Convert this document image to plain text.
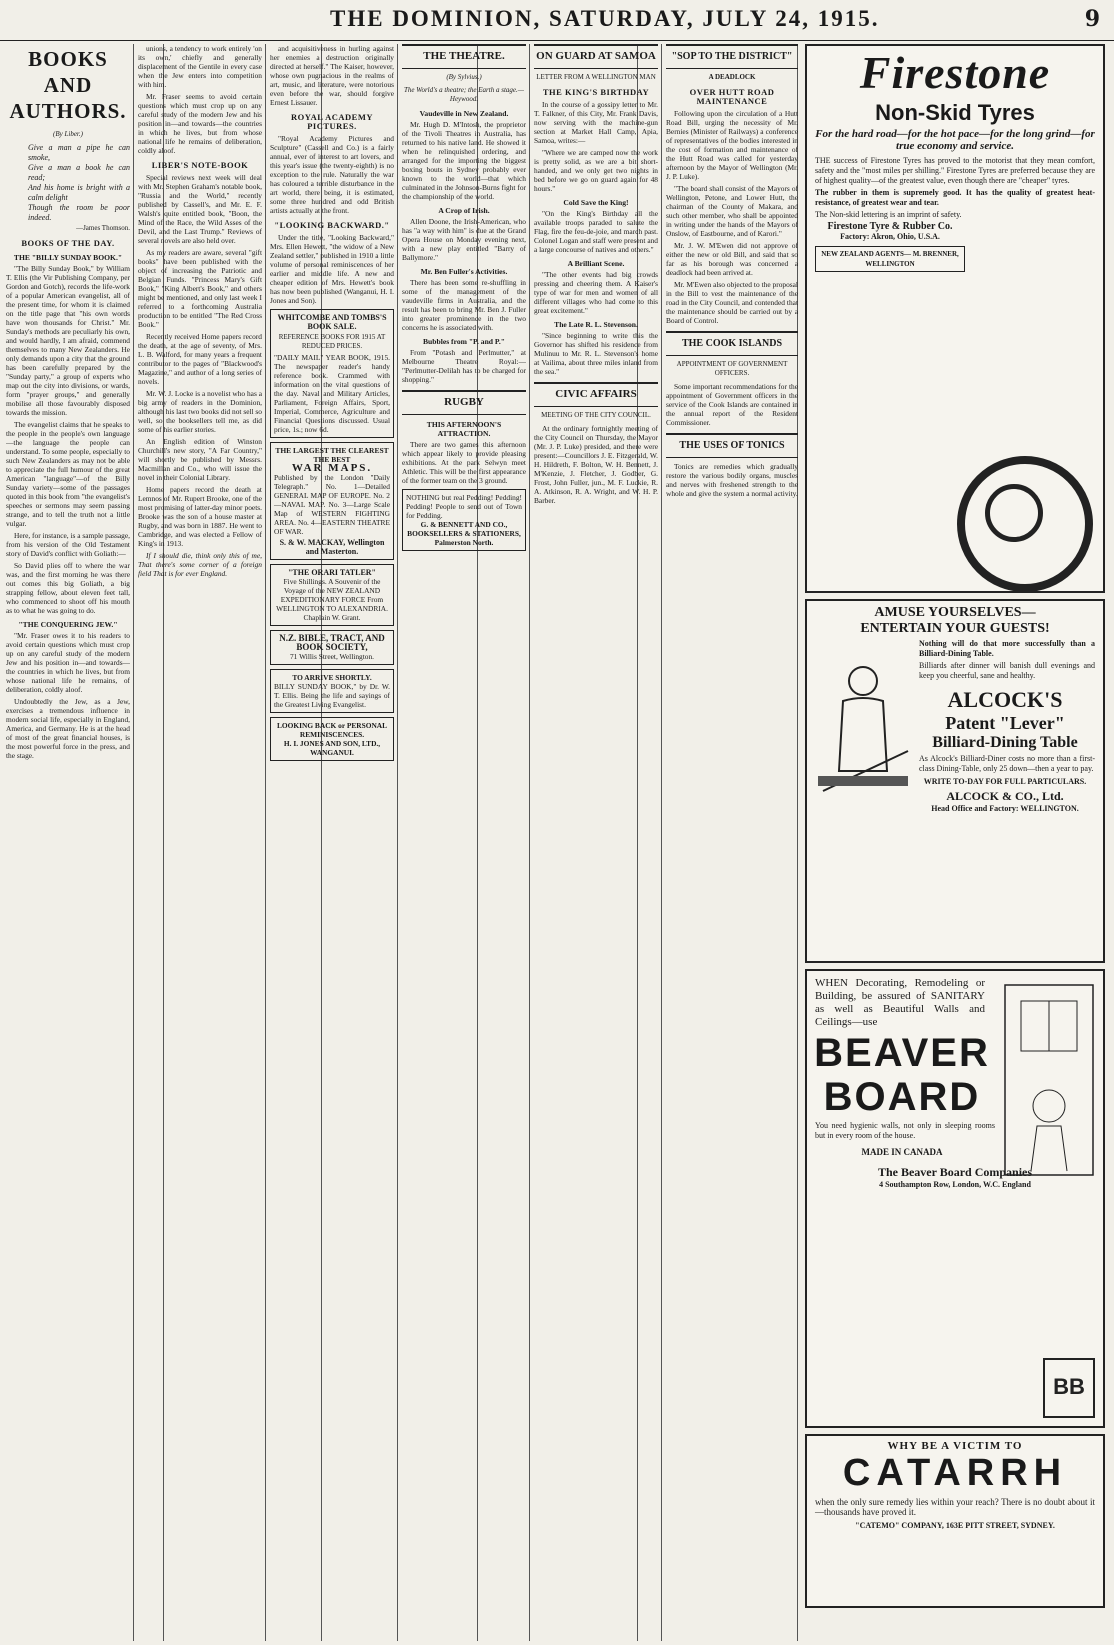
THE DOMINION, SATURDAY, JULY 24, 1915.	9
BOOKS AND AUTHORS.
(By Liber.)
Give a man a pipe he can smoke,
Give a man a book he can read;
And his home is bright with a calm delight
Though the room be poor indeed.
—James Thomson.
BOOKS OF THE DAY.
THE "BILLY SUNDAY BOOK."

"The Billy Sunday Book," by William T. Ellis (the Vir Publishing Company, per Gordon and Gotch), records the life-work of a popular American evangelist, all of the present time, for whom it is claimed on the title page that "his own words have won thousands for Christ." Mr. Sunday's methods are peculiarly his own, and would hardly, I am afraid, commend themselves to many New Zealanders. He only demands upon a city that the ground has been carefully prepared by the "Sunday party," a group of experts who map out the city into divisions, or wards, form "prayer groups," and generally mobilise all those favourably disposed towards the mission.

The evangelist claims that he speaks to the people in the people's own language—the language the people can understand. To some people, especially to such New Zealanders as may not be able to appreciate the full humour of the great American "language"—of the Billy Sunday variety—some of the passages quoted in this book from "the evangelist's speeches or sermons may seem passing strange, and to tell the truth not a little vulgar.

Here, for instance, is a sample passage, from his version of the Old Testament story of David's conflict with Goliath:—

So David plies off to where the war was, and the first morning he was there out comes this big Goliath, a big strapping fellow, about eleven feet tall, who commenced to shoot off his mouth as to what he was going to do.

"THE CONQUERING JEW."

"Mr. Fraser owes it to his readers to avoid certain questions which must crop up on any careful study of the modern Jew and his position in—and towards—the countries in which he lives, but from whose national life he remains, of deliberation, coldly aloof.

Undoubtedly the Jew, as a Jew, exercises a tremendous influence in modern social life, especially in England, America, and Germany. He is at the head of most of the great financial houses, is the most powerful force in the press, and the stage.

unions, a tendency to work entirely 'on its own,' chiefly and generally displacement of the Gentile in every case when the Jew enters into competition with him.

Mr. Fraser seems to avoid certain questions which must crop up on any careful study of the modern Jew and his position in—and towards—the countries in which he lives, but from whose national life he remains of deliberation, coldly aloof.

LIBER'S NOTE-BOOK

Special reviews next week will deal with Mr. Stephen Graham's notable book, "Russia and the World," recently published by Cassell's, and Mr. E. F. Walsh's quite entitled book, "Boon, the Mind of the Race, the Wild Asses of the Devil, and the Last Trump." Reviews of several novels are also held over.

As my readers are aware, several "gift books" have been published with the object of increasing the Patriotic and Belgian Funds. "Princess Mary's Gift Book," "King Albert's Book," and others might be mentioned, and only last week I referred to a forthcoming Australia production to be entitled "The Red Cross Book."

Recently received Home papers record the death, at the age of seventy, of Mrs. L. B. Walford, for many years a frequent contributor to the pages of "Blackwood's Magazine," and author of a long series of novels.

Mr. W. J. Locke is a novelist who has a big army of readers in the Dominion, although his last two books did not sell so well, so the booksellers tell me, as did some of his earlier stories.

An English edition of Winston Churchill's new story, "A Far Country," will shortly be published by Messrs. Macmillan and Co., who will issue the novel in their Colonial Library.

Home papers record the death at Lemnos of Mr. Rupert Brooke, one of the most promising of latter-day minor poets. Brooke was the son of a house master at Rugby, and was born in 1887. He went to Cambridge, and was elected a Fellow of King's in 1913.

If I should die, think only this of me, That there's some corner of a foreign field That is for ever England.

and acquisitiveness in hurling against her enemies a destruction originally directed at herself." The Kaiser, however, whose own pugnacious in the realms of art, music, and literature, were notorious even before the war, should forgive Ernest Lissauer.

ROYAL ACADEMY PICTURES.

"Royal Academy Pictures and Sculpture" (Cassell and Co.) is a fairly annual, ever of interest to art lovers, and this year's issue (the twenty-eighth) is no exception to the rule. Naturally the war has coloured a terrible disturbance in the art world, there being, it is estimated, some three hundred and odd British artists actually at the front.

"LOOKING BACKWARD."

Under the title, "Looking Backward," Mrs. Ellen Hewett, "the widow of a New Zealand settler," published in 1910 a little volume of personal reminiscences of her earlier and middle life. A new and cheaper edition of Mrs. Hewett's book has now been published (Wanganui, H. I. Jones and Son).

WHITCOMBE AND TOMBS'S BOOK SALE.
REFERENCE BOOKS FOR 1915 AT REDUCED PRICES.
"DAILY MAIL" YEAR BOOK, 1915. The newspaper reader's handy reference book. Crammed with information on the vital questions of the day. Naval and Military Articles, Parliament, Foreign Affairs, Sport, Imperial, Commerce, Agriculture and Financial Questions discussed. Usual price, 1s.; now 6d.
THE LARGEST THE CLEAREST THE BEST
WAR MAPS.
Published by the London "Daily Telegraph." No. 1—Detailed GENERAL MAP OF EUROPE. No. 2—NAVAL MAP. No. 3—Large Scale Map of WESTERN FIGHTING AREA. No. 4—EASTERN THEATRE OF WAR.
S. & W. MACKAY, Wellington and Masterton.
"THE ORARI TATLER"
Five Shillings. A Souvenir of the Voyage of the NEW ZEALAND EXPEDITIONARY FORCE From WELLINGTON TO ALEXANDRIA. Chaplain W. Grant.
N.Z. BIBLE, TRACT, AND BOOK SOCIETY,
71 Willis Street, Wellington.
TO ARRIVE SHORTLY.
BILLY SUNDAY BOOK," by Dr. W. T. Ellis. Being the life and sayings of the Greatest Living Evangelist.
LOOKING BACK or PERSONAL REMINISCENCES.
H. I. JONES AND SON, LTD., WANGANUI.
THE THEATRE.
(By Sylvius.)
The World's a theatre; the Earth a stage.—Heywood.
Vaudeville in New Zealand.

Mr. Hugh D. M'Intosh, the proprietor of the Tivoli Theatres in Australia, has returned to his native land. He showed it when he relinquished ordering, and arranged for the importing the biggest boxing bouts in Sydney probably ever known to the world—that which culminated in the Johnson-Burns fight for the championship of the world.

A Crop of Irish.

Allen Doone, the Irish-American, who has "a way with him" is due at the Grand Opera House on Monday evening next, with a new play entitled "Barry of Ballymore."

Mr. Ben Fuller's Activities.

There has been some re-shuffling in some of the management of the vaudeville firms in Australia, and the result has been to bring Mr. Ben J. Fuller into greater prominence in the two concerns he is associated with.

Bubbles from "P. and P."

From "Potash and Perlmutter," at Melbourne Theatre Royal:— "Perlmutter-Delilah has to be charged for shopping."

RUGBY
THIS AFTERNOON'S ATTRACTION.

There are two games this afternoon which appear likely to provide pleasing exhibitions. At the park Selwyn meet Athletic. This will be the first appearance of the former team on the 3 ground.

NOTHING but real Pedding! Pedding! Pedding! People to send out of Town for Pedding.
G. & BENNETT AND CO., BOOKSELLERS & STATIONERS, Palmerston North.
ON GUARD AT SAMOA
LETTER FROM A WELLINGTON MAN
THE KING'S BIRTHDAY

In the course of a gossipy letter to Mr. T. Falkner, of this City, Mr. Frank Davis, now serving with the machine-gun section at Market Hall Camp, Apia, Samoa, writes:—

"Where we are camped now the work is pretty solid, as we are a bit short-handed, and we only get two nights in bed before we go on guard again for 48 hours."

Cold Save the King!

"On the King's Birthday all the available troops paraded to salute the Flag, fire the feu-de-joie, and march past. Colonel Logan and staff were present and a large concourse of natives and others."

A Brilliant Scene.

"The other events had big crowds pressing and cheering them. A Kaiser's type of war for men and women of all different villages who had come to this great excitement."

The Late R. L. Stevenson.

"Since beginning to write this the Governor has shifted his residence from Mulinuu to Mr. R. L. Stevenson's home at Vailima, about three miles inland from the sea."

CIVIC AFFAIRS
MEETING OF THE CITY COUNCIL.

At the ordinary fortnightly meeting of the City Council on Thursday, the Mayor (Mr. J. P. Luke) presided, and there were present:—Councillors J. E. Fitzgerald, W. H. Hildreth, F. Bolton, W. H. Bennett, J. M'Kenzie, J. Fletcher, J. Godber, G. Frost, John Fuller, jun., M. F. Luckie, R. A. Atkinson, R. A. Wright, and W. H. P. Barber.

Firestone
Non-Skid Tyres
For the hard road—for the hot pace—for the long grind—for true economy and service.
THE success of Firestone Tyres has proved to the motorist that they mean comfort, safety and the "most miles per shilling." Firestone Tyres are preferred because they are of highest quality—of the greatest value, even though there are "cheaper" tyres.
The rubber in them is supremely good. It has the quality of greatest heat-resistance, of greatest wear and tear.
The Non-skid lettering is an imprint of safety.
Firestone Tyre & Rubber Co.
Factory: Akron, Ohio, U.S.A.
NEW ZEALAND AGENTS— M. BRENNER, WELLINGTON
AMUSE YOURSELVES—
ENTERTAIN YOUR GUESTS!
Nothing will do that more successfully than a Billiard-Dining Table.
Billiards after dinner will banish dull evenings and keep you cheerful, sane and healthy.
ALCOCK'S
Patent "Lever"
Billiard-Dining Table
As Alcock's Billiard-Diner costs no more than a first-class Dining-Table, only 25 down—then a year to pay.
WRITE TO-DAY FOR FULL PARTICULARS.
ALCOCK & CO., Ltd.
Head Office and Factory: WELLINGTON.
WHEN Decorating, Remodeling or Building, be assured of SANITARY as well as Beautiful Walls and Ceilings—use
BEAVER
BOARD
You need hygienic walls, not only in sleeping rooms but in every room of the house.
MADE IN CANADA
The Beaver Board Companies
4 Southampton Row, London, W.C. England
BB
WHY BE A VICTIM TO
CATARRH
when the only sure remedy lies within your reach? There is no doubt about it—thousands have proved it.
"CATEMO" COMPANY, 163E PITT STREET, SYDNEY.
"SOP TO THE DISTRICT"
A DEADLOCK
OVER HUTT ROAD MAINTENANCE

Following upon the circulation of a Hutt Road Bill, urging the necessity of Mr. Bernies (Minister of Railways) a conference of representatives of the bodies interested in the cost of formation and maintenance of the Hutt Road was called for yesterday afternoon by the Mayor of Wellington (Mr. J. P. Luke).

"The board shall consist of the Mayors of Wellington, Petone, and Lower Hutt, the chairman of the County of Makara, and such other member, who shall be appointed in writing under the hands of the Mayors of Onslow, of Eastbourne, and of Karori."

Mr. J. W. M'Ewen did not approve of either the new or old Bill, and said that so far as his borough was concerned a deadlock had been arrived at.

Mr. M'Ewen also objected to the proposal in the Bill to vest the maintenance of the road in the City Council, and contended that the maintenance should be carried out by a Board of Control.

THE COOK ISLANDS
APPOINTMENT OF GOVERNMENT OFFICERS.

Some important recommendations for the appointment of Government officers in the service of the Cook Islands are contained in the annual report of the Resident Commissioner.

THE USES OF TONICS

Tonics are remedies which gradually restore the various bodily organs, muscles and nerves with freshened strength to the whole and give the system a normal activity.
